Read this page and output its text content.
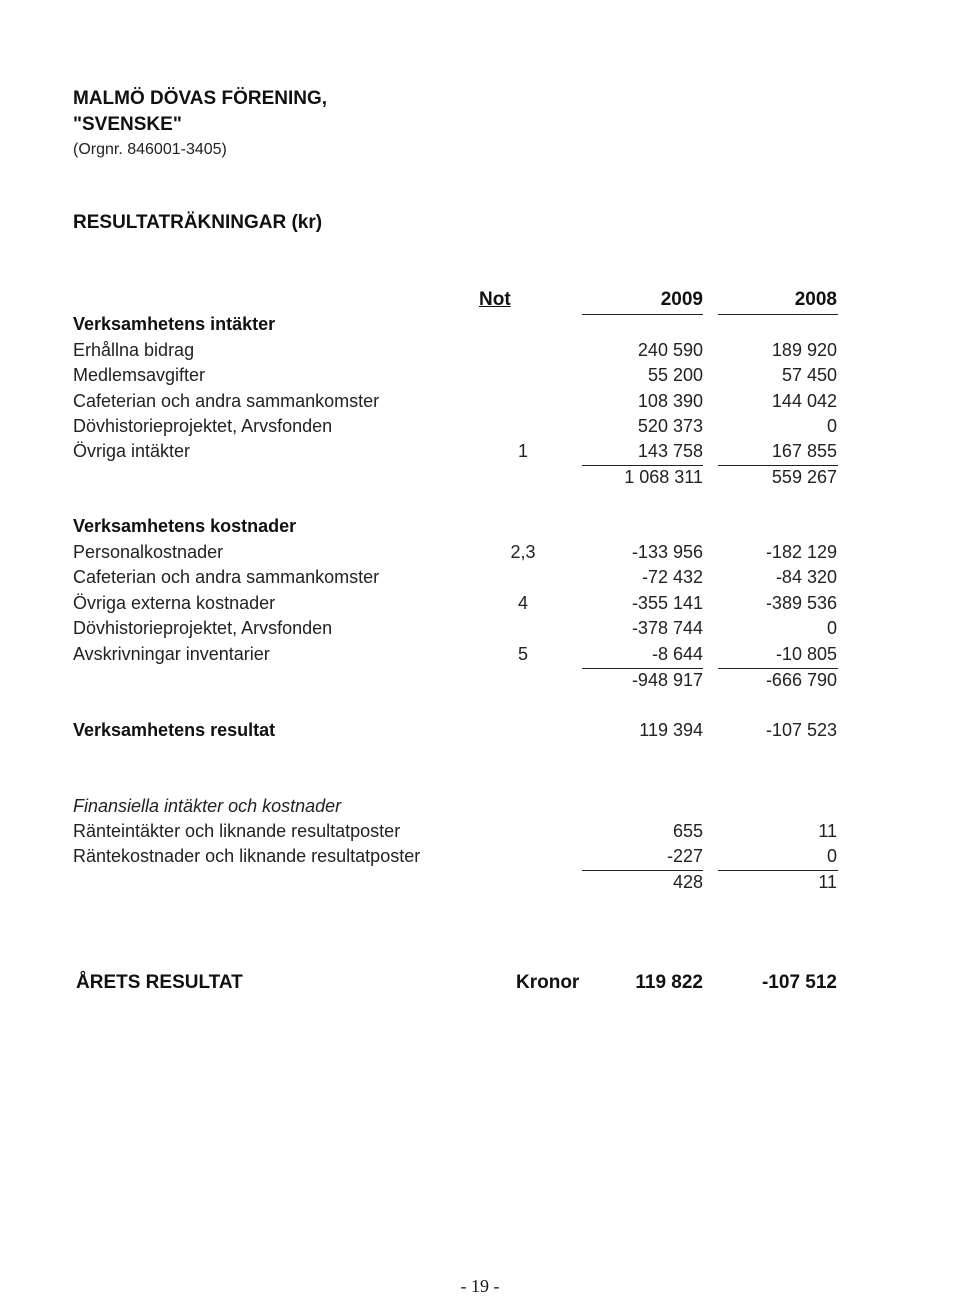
MALMÖ DÖVAS FÖRENING,
"SVENSKE"
(Orgnr. 846001-3405)
RESULTATRÄKNINGAR (kr)
Not	2009	2008
Verksamhetens intäkter
Erhållna bidrag	240 590	189 920
Medlemsavgifter	55 200	57 450
Cafeterian och andra sammankomster	108 390	144 042
Dövhistorieprojektet, Arvsfonden	520 373	0
Övriga intäkter	1	143 758	167 855
1 068 311	559 267
Verksamhetens kostnader
Personalkostnader	2,3	-133 956	-182 129
Cafeterian och andra sammankomster	-72 432	-84 320
Övriga externa kostnader	4	-355 141	-389 536
Dövhistorieprojektet, Arvsfonden	-378 744	0
Avskrivningar inventarier	5	-8 644	-10 805
-948 917	-666 790
Verksamhetens resultat	119 394	-107 523
Finansiella intäkter och kostnader
Ränteintäkter och liknande resultatposter	655	11
Räntekostnader och liknande resultatposter	-227	0
428	11
ÅRETS RESULTAT	Kronor	119 822	-107 512
- 19 -
